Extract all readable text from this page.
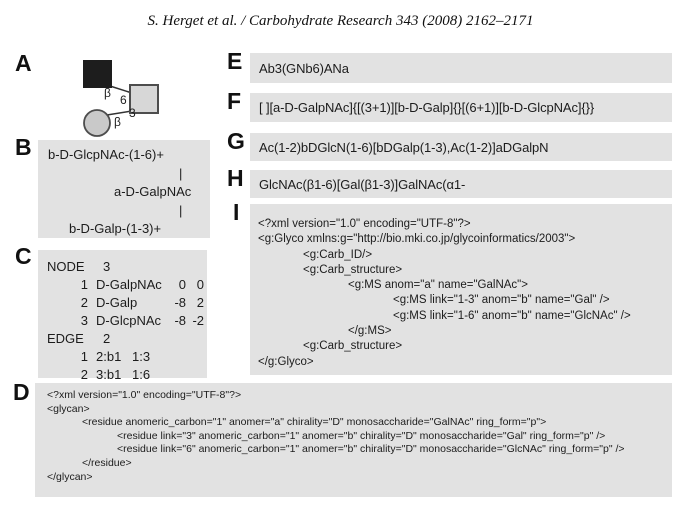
S. Herget et al. / Carbohydrate Research 343 (2008) 2162–2171
A
B
C
D
E
F
G
H
I
β 6
3
β
b-D-GlcpNAc-(1-6)+
|
a-D-GalpNAc
|
b-D-Galp-(1-3)+
NODE 3
1 D-GalpNAc 0 0
2 D-Galp	-8 2
3 D-GlcpNAc -8 -2
EDGE 2
1 2:b1 1:3
2 3:b1 1:6
<?xml version="1.0" encoding="UTF-8"?>
<glycan>
	<residue anomeric_carbon="1" anomer="a" chirality="D" monosaccharide="GalNAc" ring_form="p">
		<residue link="3" anomeric_carbon="1" anomer="b" chirality="D" monosaccharide="Gal" ring_form="p" />
		<residue link="6" anomeric_carbon="1" anomer="b" chirality="D" monosaccharide="GlcNAc" ring_form="p" />
	</residue>
</glycan>
Ab3(GNb6)ANa
[ ][a-D-GalpNAc]{[(3+1)][b-D-Galp]{}[(6+1)][b-D-GlcpNAc]{}}
Ac(1-2)bDGlcN(1-6)[bDGalp(1-3),Ac(1-2)]aDGalpN
GlcNAc(β1-6)[Gal(β1-3)]GalNAc(α1-
<?xml version="1.0" encoding="UTF-8"?>
<g:Glyco xmlns:g="http://bio.mki.co.jp/glycoinformatics/2003">
	<g:Carb_ID/>
	<g:Carb_structure>
		<g:MS anom="a" name="GalNAc">
			<g:MS link="1-3" anom="b" name="Gal" />
			<g:MS link="1-6" anom="b" name="GlcNAc" />
		</g:MS>
	<g:Carb_structure>
</g:Glyco>
